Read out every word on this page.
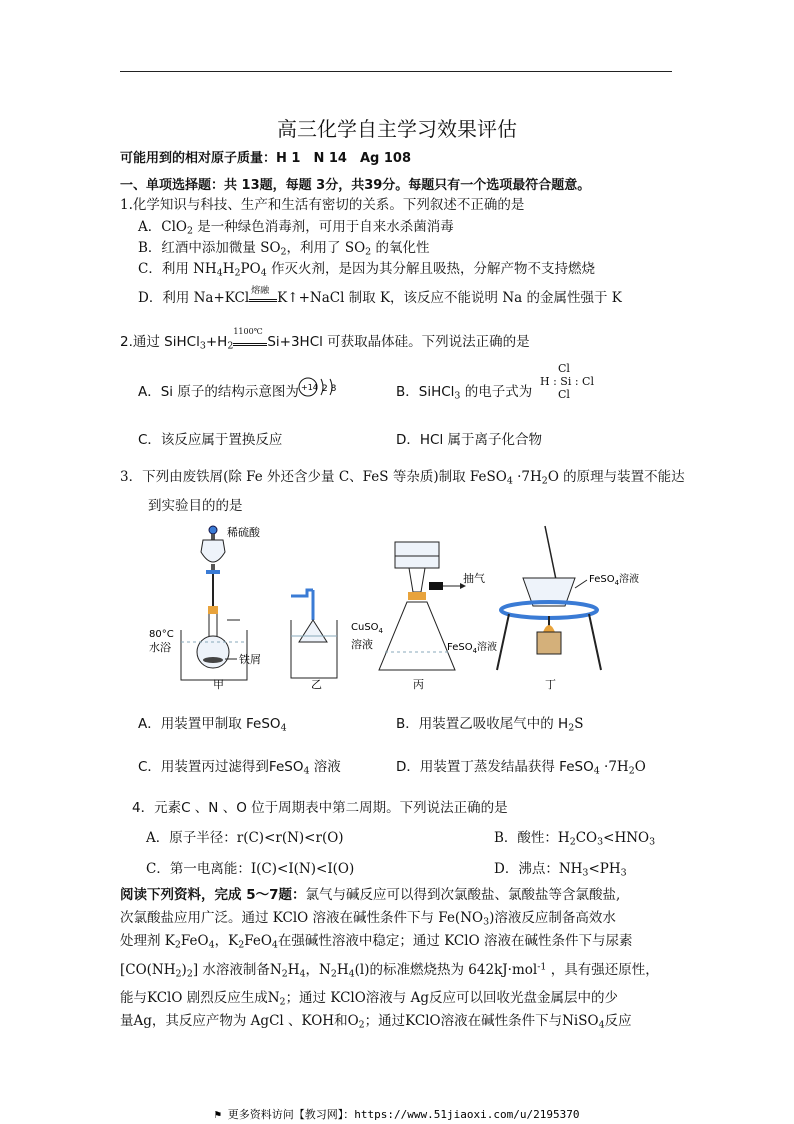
高三化学自主学习效果评估
可能用到的相对原子质量：H 1　N 14　Ag 108
一、单项选择题：共 13题，每题 3分，共39分。每题只有一个选项最符合题意。
1.化学知识与科技、生产和生活有密切的关系。下列叙述不正确的是
A．ClO$_2$ 是一种绿色消毒剂，可用于自来水杀菌消毒
B．红酒中添加微量 $SO_2$，利用了 $SO_2$ 的氧化性
C．利用 $NH_4H_2PO_4$ 作灭火剂，是因为其分解且吸热，分解产物不支持燃烧
D．利用 Na+KCl 熔融 K↑+NaCl 制取 K，该反应不能说明 Na 的金属性强于 K
2.通过 $SiHCl_3+H_2$
1100℃
Si+3HCl 可获取晶体硅。下列说法正确的是
A．Si 原子的结构示意图为 +14 2 8	B．SiHCl$_3$ 的电子式为
Cl
H : Si : Cl
Cl
C．该反应属于置换反应	D．HCl 属于离子化合物
3．下列由废铁屑(除 Fe 外还含少量 C、FeS 等杂质)制取 FeSO$_4$ $\cdot 7H_2O$ 的原理与装置不能达
到实验目的的是
稀硫酸
80°C
水浴
铁屑
CuSO$_4$
溶液
抽气
FeSO$_4$溶液
FeSO$_4$溶液
甲	乙	丙	丁
A．用装置甲制取 FeSO$_4$	B．用装置乙吸收尾气中的 $H_2S$
C．用装置丙过滤得到FeSO$_4$ 溶液	D．用装置丁蒸发结晶获得 FeSO$_4$ $\cdot 7H_2O$
4．元素C 、N 、O 位于周期表中第二周期。下列说法正确的是
A．原子半径：r(C)<r(N)<r(O)	B．酸性：$H_2CO_3<HNO_3$
C．第一电离能：I(C)<I(N)<I(O)	D．沸点：$NH_3<PH_3$
阅读下列资料，完成 5～7题：氯气与碱反应可以得到次氯酸盐、氯酸盐等含氯酸盐,
次氯酸盐应用广泛。通过 KClO 溶液在碱性条件下与 $Fe(NO_3)$溶液反应制备高效水
处理剂 $K_2FeO_4$，$K_2FeO_4$在强碱性溶液中稳定；通过 KClO 溶液在碱性条件下与尿素
$[CO(NH_2)_2]$ 水溶液制备$N_2H_4$，$N_2H_4(l)$的标准燃烧热为 642kJ·mol$^{-1}$ ，具有强还原性，
能与KClO 剧烈反应生成$N_2$；通过 KClO溶液与 Ag反应可以回收光盘金属层中的少
量Ag，其反应产物为 AgCl 、KOH和$O_2$；通过KClO溶液在碱性条件下与NiSO$_4$反应
⚑ 更多资料访问【教习网】：https://www.51jiaoxi.com/u/2195370
